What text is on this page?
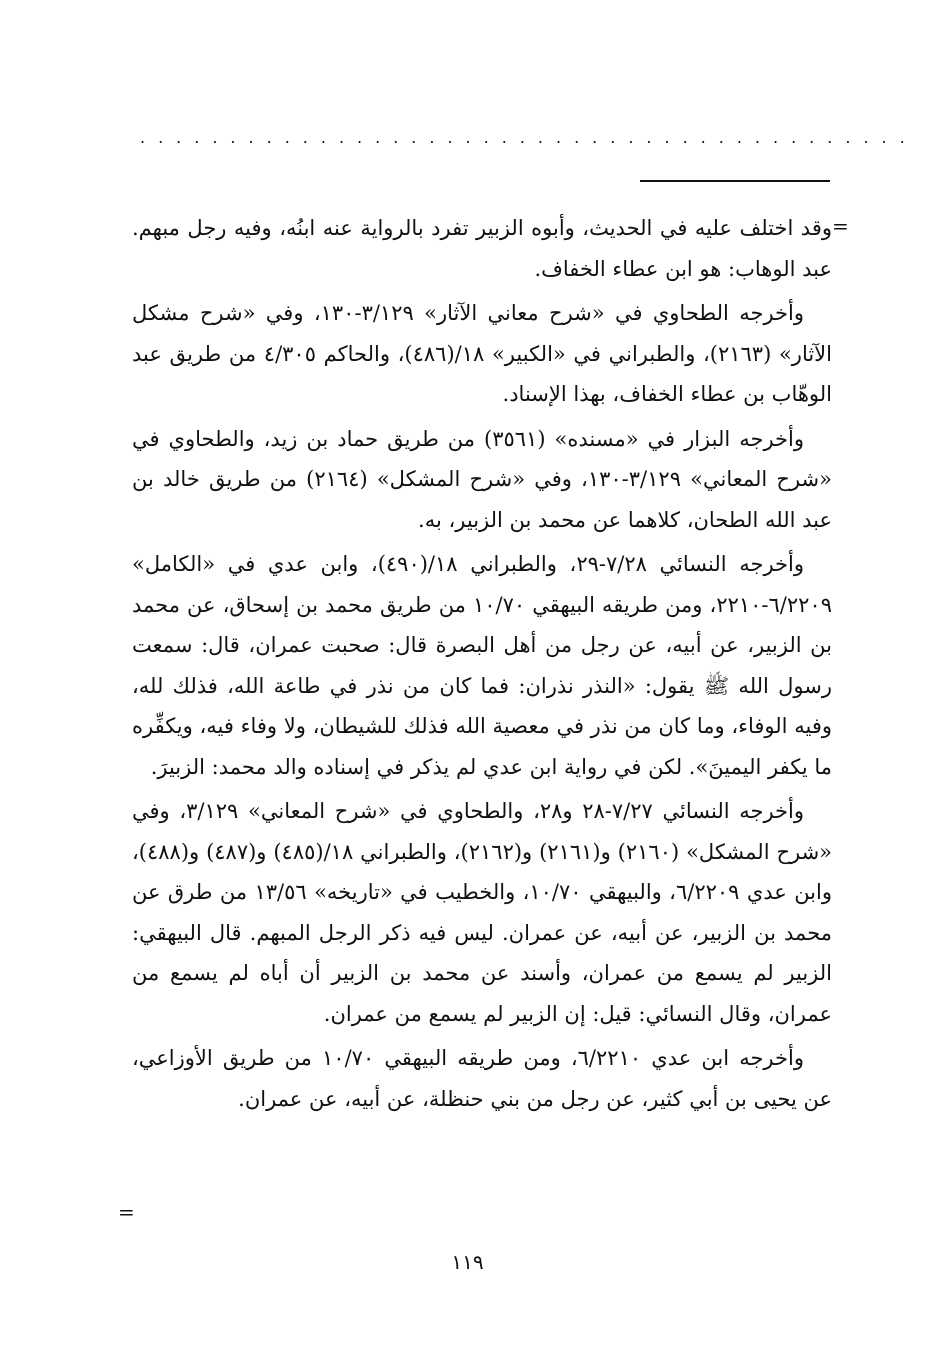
...........................................
=

وقد اختلف عليه في الحديث، وأبوه الزبير تفرد بالرواية عنه ابنُه، وفيه رجل مبهم. عبد الوهاب: هو ابن عطاء الخفاف.

وأخرجه الطحاوي في «شرح معاني الآثار» ٣/١٢٩-١٣٠، وفي «شرح مشكل الآثار» (٢١٦٣)، والطبراني في «الكبير» ١٨/(٤٨٦)، والحاكم ٤/٣٠٥ من طريق عبد الوهّاب بن عطاء الخفاف، بهذا الإسناد.

وأخرجه البزار في «مسنده» (٣٥٦١) من طريق حماد بن زيد، والطحاوي في «شرح المعاني» ٣/١٢٩-١٣٠، وفي «شرح المشكل» (٢١٦٤) من طريق خالد بن عبد الله الطحان، كلاهما عن محمد بن الزبير، به.

وأخرجه النسائي ٧/٢٨-٢٩، والطبراني ١٨/(٤٩٠)، وابن عدي في «الكامل» ٦/٢٢٠٩-٢٢١٠، ومن طريقه البيهقي ١٠/٧٠ من طريق محمد بن إسحاق، عن محمد بن الزبير، عن أبيه، عن رجل من أهل البصرة قال: صحبت عمران، قال: سمعت رسول الله ﷺ يقول: «النذر نذران: فما كان من نذر في طاعة الله، فذلك لله، وفيه الوفاء، وما كان من نذر في معصية الله فذلك للشيطان، ولا وفاء فيه، ويكفِّره ما يكفر اليمينَ». لكن في رواية ابن عدي لم يذكر في إسناده والد محمد: الزبيرَ.

وأخرجه النسائي ٧/٢٧-٢٨ و٢٨، والطحاوي في «شرح المعاني» ٣/١٢٩، وفي «شرح المشكل» (٢١٦٠) و(٢١٦١) و(٢١٦٢)، والطبراني ١٨/(٤٨٥) و(٤٨٧) و(٤٨٨)، وابن عدي ٦/٢٢٠٩، والبيهقي ١٠/٧٠، والخطيب في «تاريخه» ١٣/٥٦ من طرق عن محمد بن الزبير، عن أبيه، عن عمران. ليس فيه ذكر الرجل المبهم. قال البيهقي: الزبير لم يسمع من عمران، وأسند عن محمد بن الزبير أن أباه لم يسمع من عمران، وقال النسائي: قيل: إن الزبير لم يسمع من عمران.

وأخرجه ابن عدي ٦/٢٢١٠، ومن طريقه البيهقي ١٠/٧٠ من طريق الأوزاعي، عن يحيى بن أبي كثير، عن رجل من بني حنظلة، عن أبيه، عن عمران.

=
١١٩
